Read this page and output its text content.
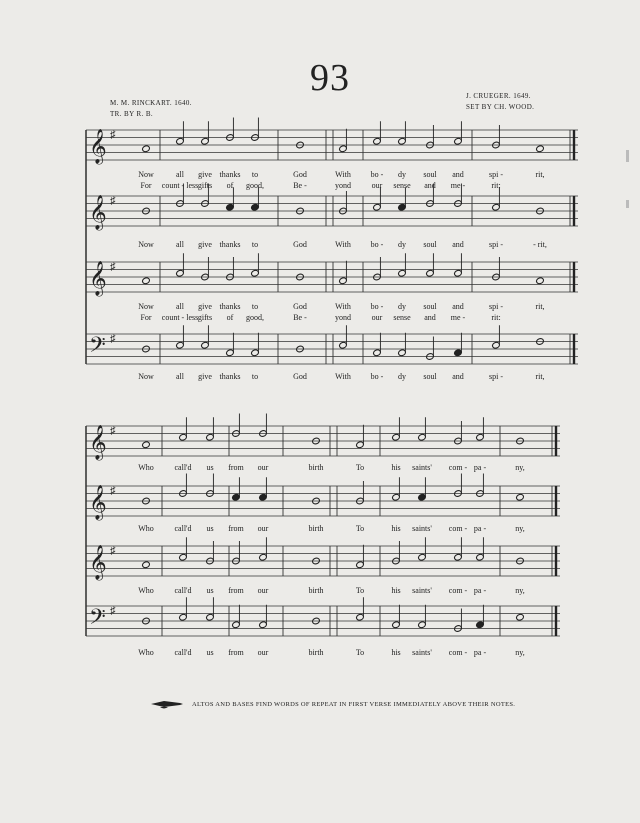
93
M. M. RINCKART. 1640.
TR. BY R. B.
J. CRUEGER. 1649.
SET BY CH. WOOD.
𝄞 ♯
𝄞 ♯
𝄞 ♯
𝄢 ♯
𝄞 ♯
𝄞 ♯
𝄞 ♯
𝄢 ♯
Now	all give thanks to	God	With bo - dy soul and	spi -	rit,
For count - less gifts of good,	Be -	yond	our sense and me -	rit:
Now	all give thanks to	God	With bo - dy soul and	spi -	- rit,
Now	all give thanks to	God	With bo - dy soul and	spi -	rit,
For count - less gifts of good,	Be -	yond	our sense and me -	rit:
Now	all give thanks to	God	With bo - dy soul and	spi -	rit,
Who	call'd us from our	birth	To	his saints' com - pa -	ny,
Who	call'd us from our	birth	To	his saints' com - pa -	ny,
Who	call'd us from our	birth	To	his saints' com - pa -	ny,
Who	call'd us from our	birth	To	his saints' com - pa -	ny,
ALTOS AND BASES FIND WORDS OF REPEAT IN FIRST VERSE IMMEDIATELY ABOVE THEIR NOTES.
